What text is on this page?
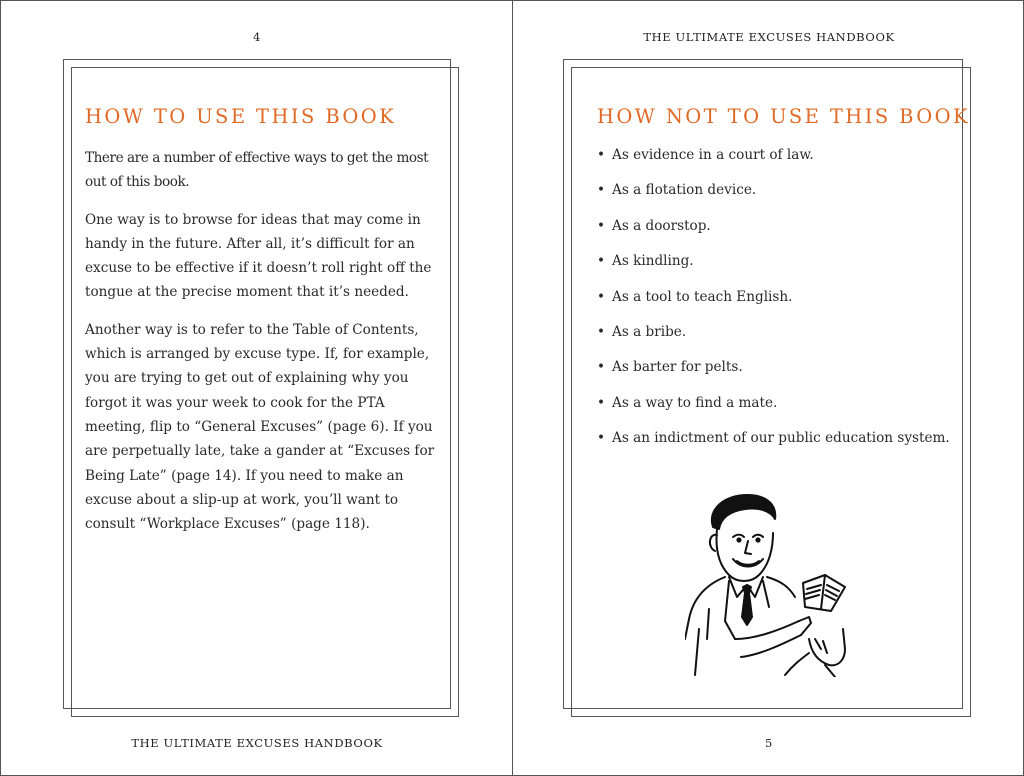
4
HOW TO USE THIS BOOK

There are a number of effective ways to get the most out of this book.

One way is to browse for ideas that may come in handy in the future. After all, it’s difficult for an excuse to be effective if it doesn’t roll right off the tongue at the precise moment that it’s needed.

Another way is to refer to the Table of Contents, which is arranged by excuse type. If, for example, you are trying to get out of explaining why you forgot it was your week to cook for the PTA meeting, flip to “General Excuses” (page 6). If you are perpetually late, take a gander at “Excuses for Being Late” (page 14). If you need to make an excuse about a slip-up at work, you’ll want to consult “Workplace Excuses” (page 118).

THE ULTIMATE EXCUSES HANDBOOK
THE ULTIMATE EXCUSES HANDBOOK
HOW NOT TO USE THIS BOOK
• As evidence in a court of law.
• As a flotation device.
• As a doorstop.
• As kindling.
• As a tool to teach English.
• As a bribe.
• As barter for pelts.
• As a way to find a mate.
• As an indictment of our public education system.
5
